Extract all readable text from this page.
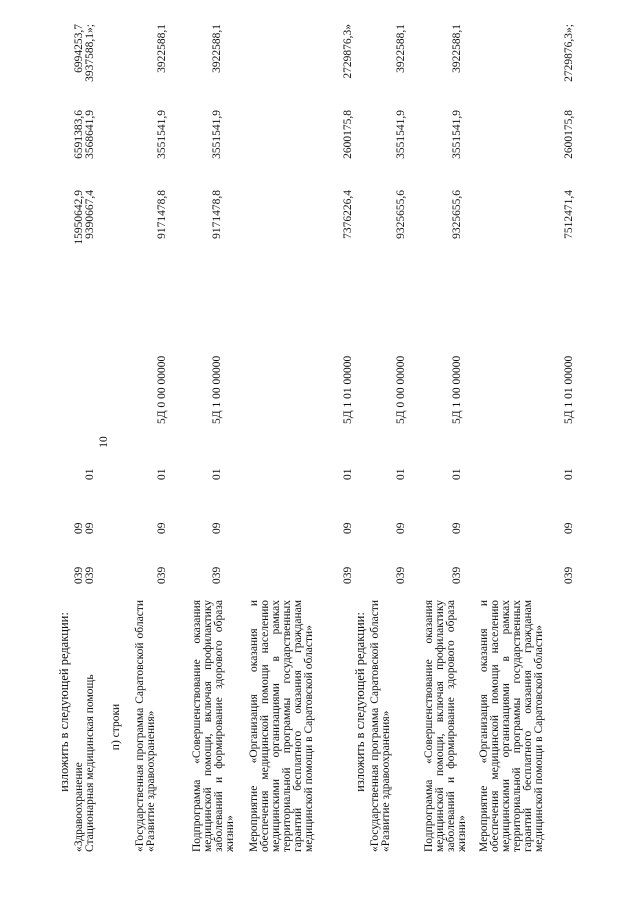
10
изложить в следующей редакции:
«Здравоохранение Стационарная медицинская помощь
039 039
09 09
01
15950642,9 9390667,4
6591383,6 3568641,9
6994253,7 3937588,1»;
п) строки «Государственная программа Саратовской области «Развитие здравоохранения»
039
09
01
5Д 0 00 00000
9171478,8
3551541,9
3922588,1
Подпрограмма «Совершенствование оказания медицинской помощи, включая профилактику заболеваний и формирование здорового образа жизни»
039
09
01
5Д 1 00 00000
9171478,8
3551541,9
3922588,1
Мероприятие «Организация оказания и обеспечения медицинской помощи населению медицинскими организациями в рамках территориальной программы государственных гарантий бесплатного оказания гражданам медицинской помощи в Саратовской области»
039
09
01
5Д 1 01 00000
7376226,4
2600175,8
2729876,3»
изложить в следующей редакции: «Государственная программа Саратовской области «Развитие здравоохранения»
039
09
01
5Д 0 00 00000
9325655,6
3551541,9
3922588,1
Подпрограмма «Совершенствование оказания медицинской помощи, включая профилактику заболеваний и формирование здорового образа жизни»
039
09
01
5Д 1 00 00000
9325655,6
3551541,9
3922588,1
Мероприятие «Организация оказания и обеспечения медицинской помощи населению медицинскими организациями в рамках территориальной программы государственных гарантий бесплатного оказания гражданам медицинской помощи в Саратовской области»
039
09
01
5Д 1 01 00000
7512471,4
2600175,8
2729876,3»;
